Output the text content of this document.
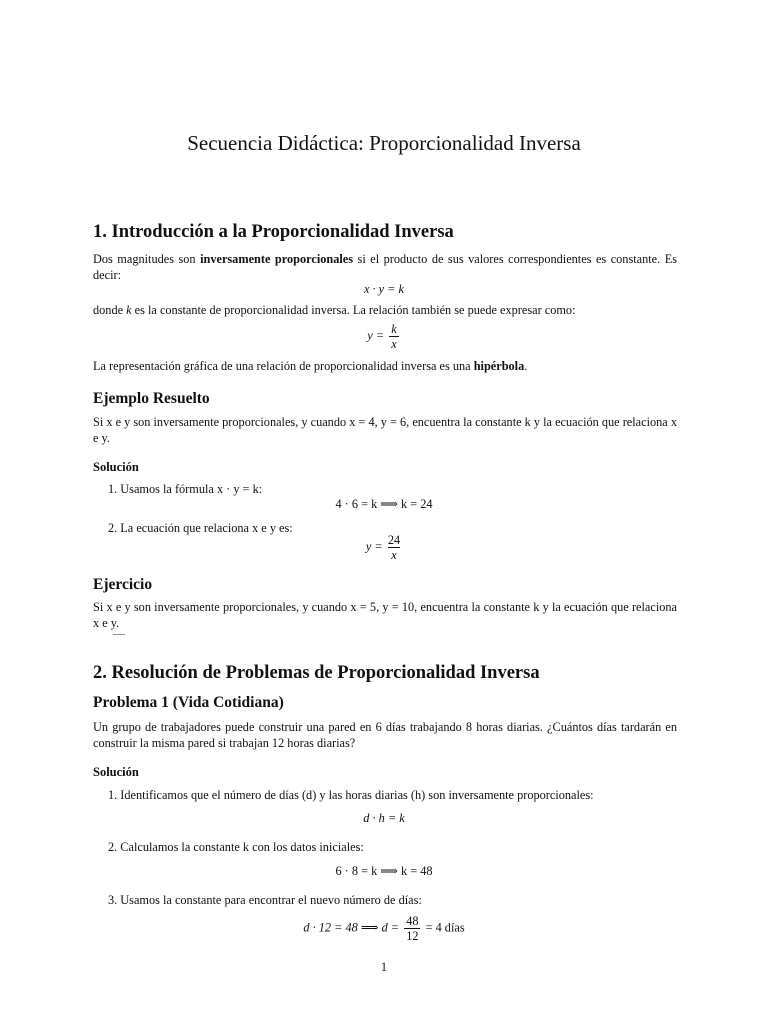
Secuencia Didáctica: Proporcionalidad Inversa
1. Introducción a la Proporcionalidad Inversa
Dos magnitudes son inversamente proporcionales si el producto de sus valores correspondientes es constante. Es decir:
x · y = k
donde k es la constante de proporcionalidad inversa. La relación también se puede expresar como:
$y = \frac{k}{x}$
La representación gráfica de una relación de proporcionalidad inversa es una hipérbola.
Ejemplo Resuelto
Si x e y son inversamente proporcionales, y cuando x = 4, y = 6, encuentra la constante k y la ecuación que relaciona x e y.
Solución
1. Usamos la fórmula x · y = k:
4 · 6 = k ⟹ k = 24
2. La ecuación que relaciona x e y es:
$y = \frac{24}{x}$
Ejercicio
Si x e y son inversamente proporcionales, y cuando x = 5, y = 10, encuentra la constante k y la ecuación que relaciona x e y.
—
2. Resolución de Problemas de Proporcionalidad Inversa
Problema 1 (Vida Cotidiana)
Un grupo de trabajadores puede construir una pared en 6 días trabajando 8 horas diarias. ¿Cuántos días tardarán en construir la misma pared si trabajan 12 horas diarias?
Solución
1. Identificamos que el número de días (d) y las horas diarias (h) son inversamente proporcionales:
d · h = k
2. Calculamos la constante k con los datos iniciales:
6 · 8 = k ⟹ k = 48
3. Usamos la constante para encontrar el nuevo número de días:
d · 12 = 48 ⟹ $d = \frac{48}{12} = 4$ días
1
